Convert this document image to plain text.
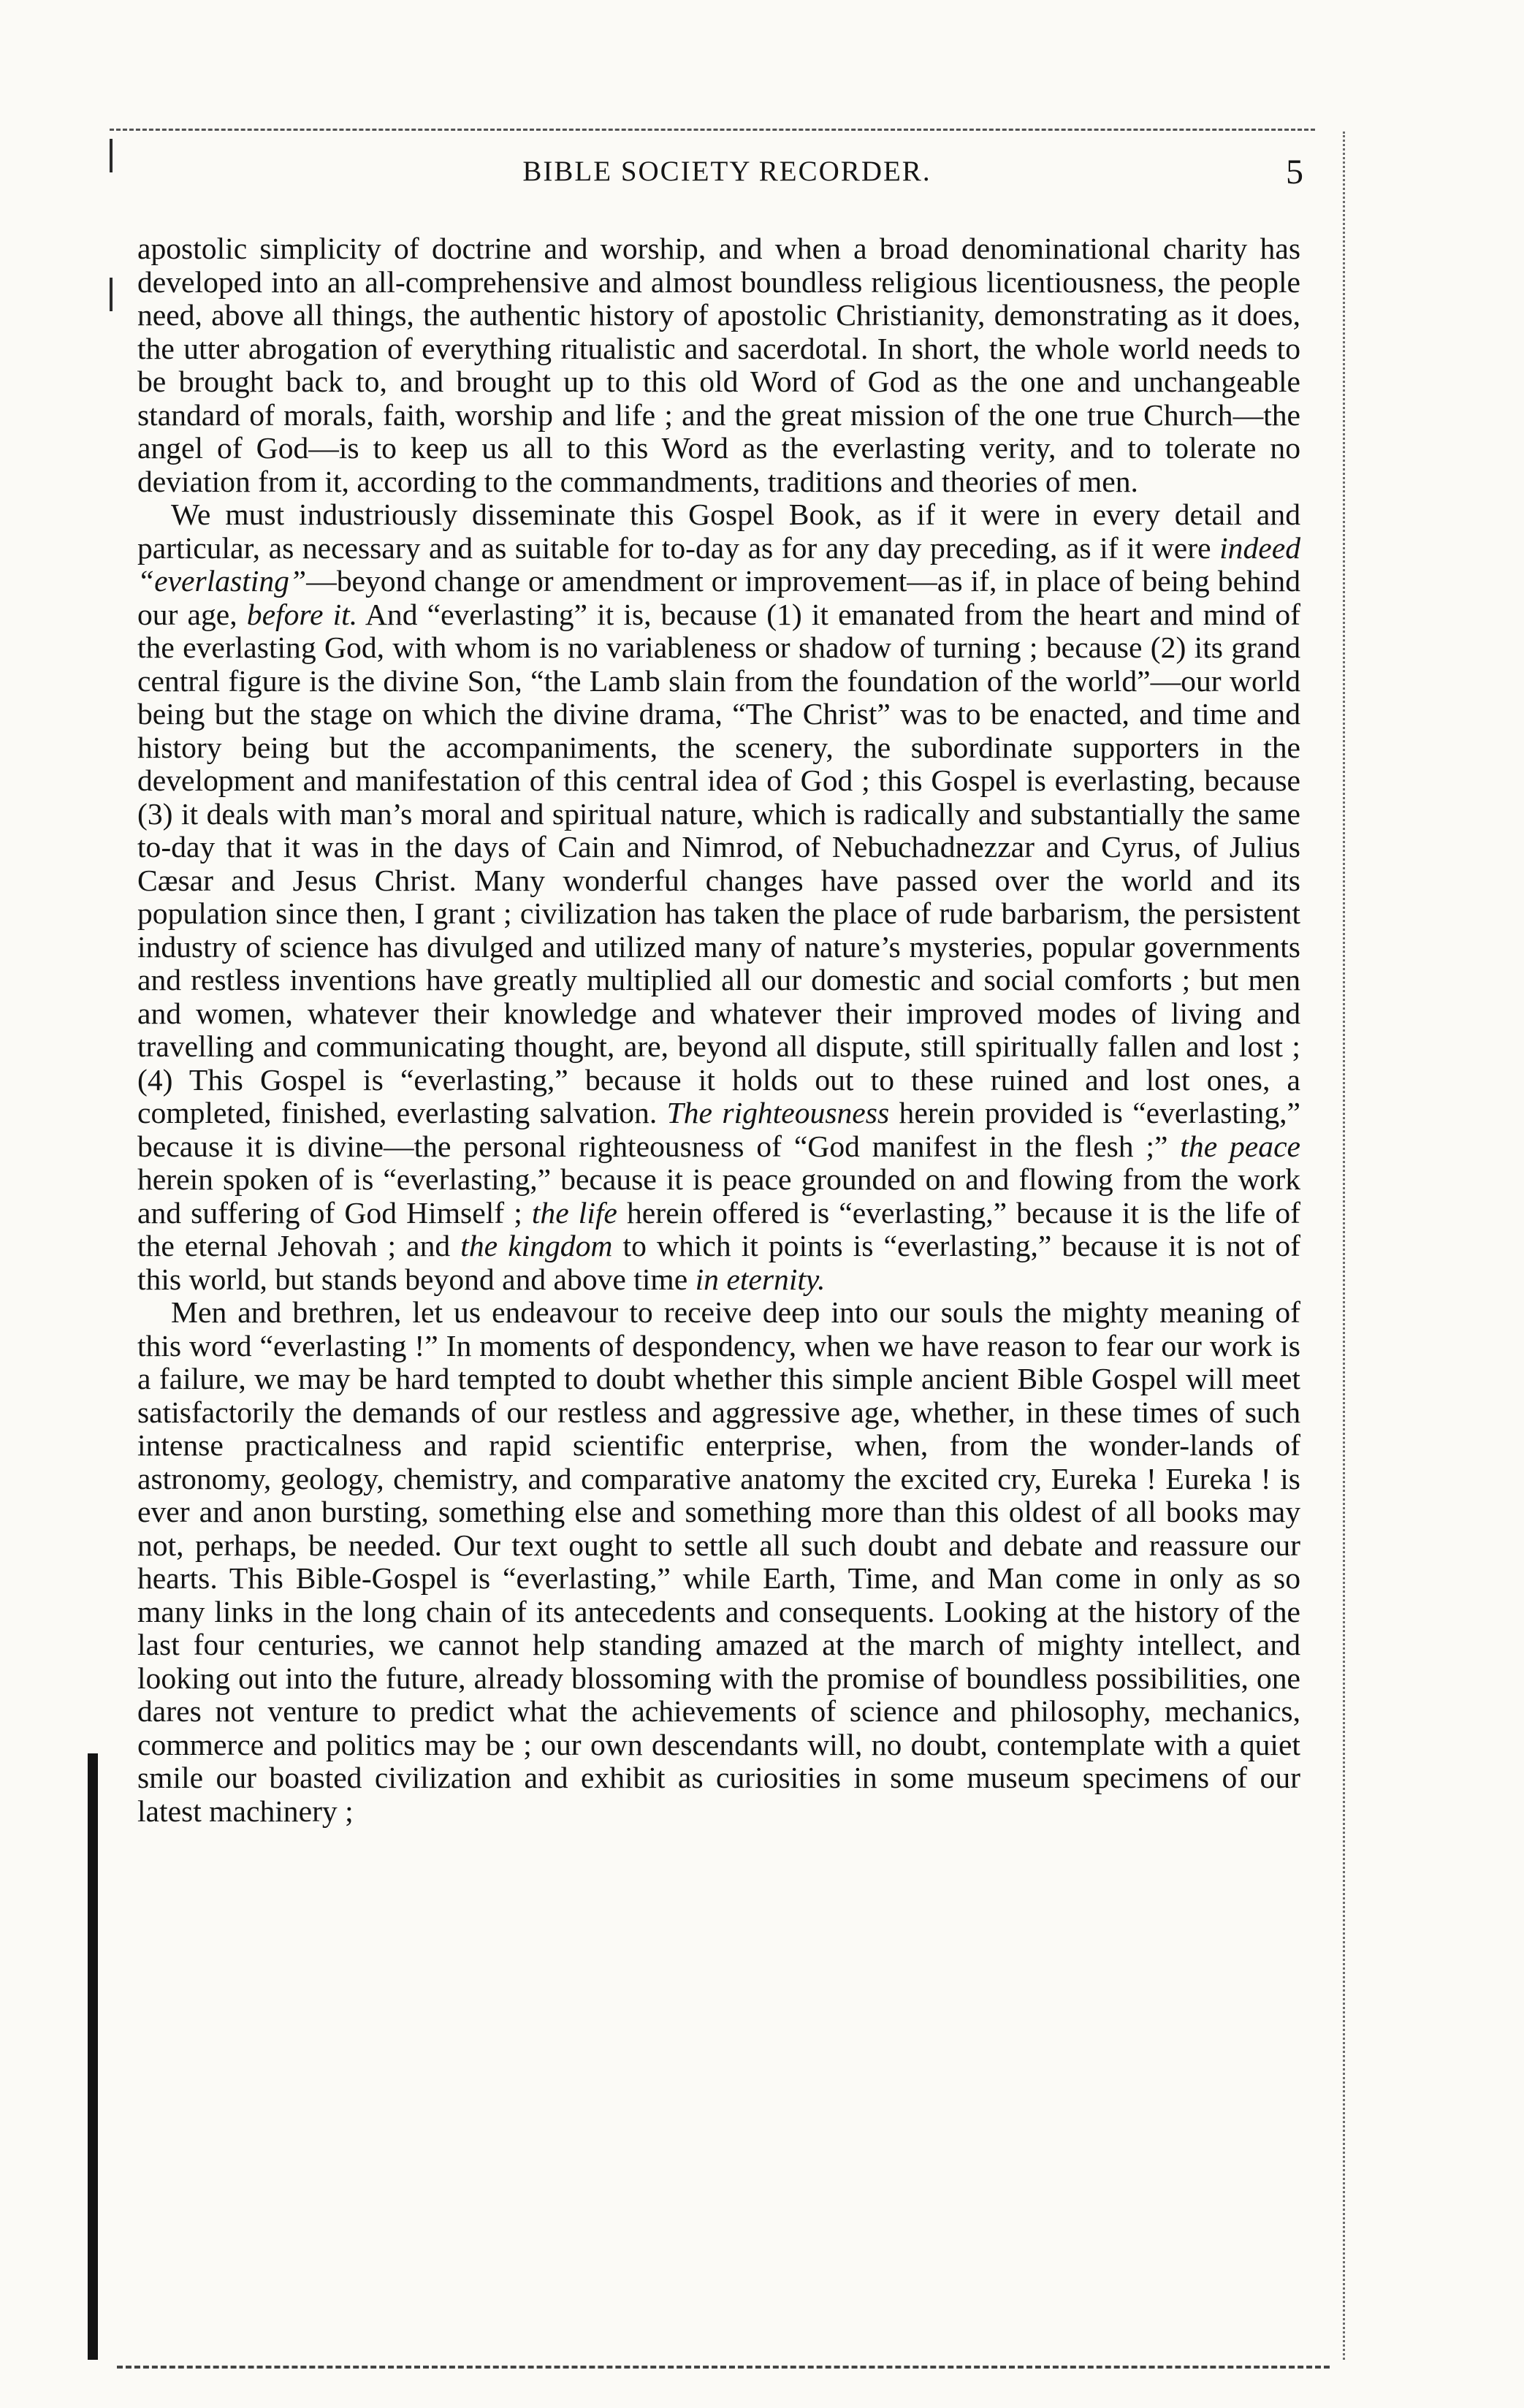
BIBLE SOCIETY RECORDER.	5

apostolic simplicity of doctrine and worship, and when a broad denominational charity has developed into an all-comprehensive and almost boundless religious licentiousness, the people need, above all things, the authentic history of apostolic Christianity, demonstrating as it does, the utter abrogation of everything ritualistic and sacerdotal. In short, the whole world needs to be brought back to, and brought up to this old Word of God as the one and unchangeable standard of morals, faith, worship and life ; and the great mission of the one true Church—the angel of God—is to keep us all to this Word as the everlasting verity, and to tolerate no deviation from it, according to the commandments, traditions and theories of men.

We must industriously disseminate this Gospel Book, as if it were in every detail and particular, as necessary and as suitable for to-day as for any day preceding, as if it were indeed “everlasting”—beyond change or amendment or improvement—as if, in place of being behind our age, before it. And “everlasting” it is, because (1) it emanated from the heart and mind of the everlasting God, with whom is no variableness or shadow of turning ; because (2) its grand central figure is the divine Son, “the Lamb slain from the foundation of the world”—our world being but the stage on which the divine drama, “The Christ” was to be enacted, and time and history being but the accompaniments, the scenery, the subordinate supporters in the development and manifestation of this central idea of God ; this Gospel is everlasting, because (3) it deals with man’s moral and spiritual nature, which is radically and substantially the same to-day that it was in the days of Cain and Nimrod, of Nebuchadnezzar and Cyrus, of Julius Cæsar and Jesus Christ. Many wonderful changes have passed over the world and its population since then, I grant ; civilization has taken the place of rude barbarism, the persistent industry of science has divulged and utilized many of nature’s mysteries, popular governments and restless inventions have greatly multiplied all our domestic and social comforts ; but men and women, whatever their knowledge and whatever their improved modes of living and travelling and communicating thought, are, beyond all dispute, still spiritually fallen and lost ; (4) This Gospel is “everlasting,” because it holds out to these ruined and lost ones, a completed, finished, everlasting salvation. The righteousness herein provided is “everlasting,” because it is divine—the personal righteousness of “God manifest in the flesh ;” the peace herein spoken of is “everlasting,” because it is peace grounded on and flowing from the work and suffering of God Himself ; the life herein offered is “everlasting,” because it is the life of the eternal Jehovah ; and the kingdom to which it points is “everlasting,” because it is not of this world, but stands beyond and above time in eternity.

Men and brethren, let us endeavour to receive deep into our souls the mighty meaning of this word “everlasting !” In moments of despondency, when we have reason to fear our work is a failure, we may be hard tempted to doubt whether this simple ancient Bible Gospel will meet satisfactorily the demands of our restless and aggressive age, whether, in these times of such intense practicalness and rapid scientific enterprise, when, from the wonder-lands of astronomy, geology, chemistry, and comparative anatomy the excited cry, Eureka ! Eureka ! is ever and anon bursting, something else and something more than this oldest of all books may not, perhaps, be needed. Our text ought to settle all such doubt and debate and reassure our hearts. This Bible-Gospel is “everlasting,” while Earth, Time, and Man come in only as so many links in the long chain of its antecedents and consequents. Looking at the history of the last four centuries, we cannot help standing amazed at the march of mighty intellect, and looking out into the future, already blossoming with the promise of boundless possibilities, one dares not venture to predict what the achievements of science and philosophy, mechanics, commerce and politics may be ; our own descendants will, no doubt, contemplate with a quiet smile our boasted civilization and exhibit as curiosities in some museum specimens of our latest machinery ;
